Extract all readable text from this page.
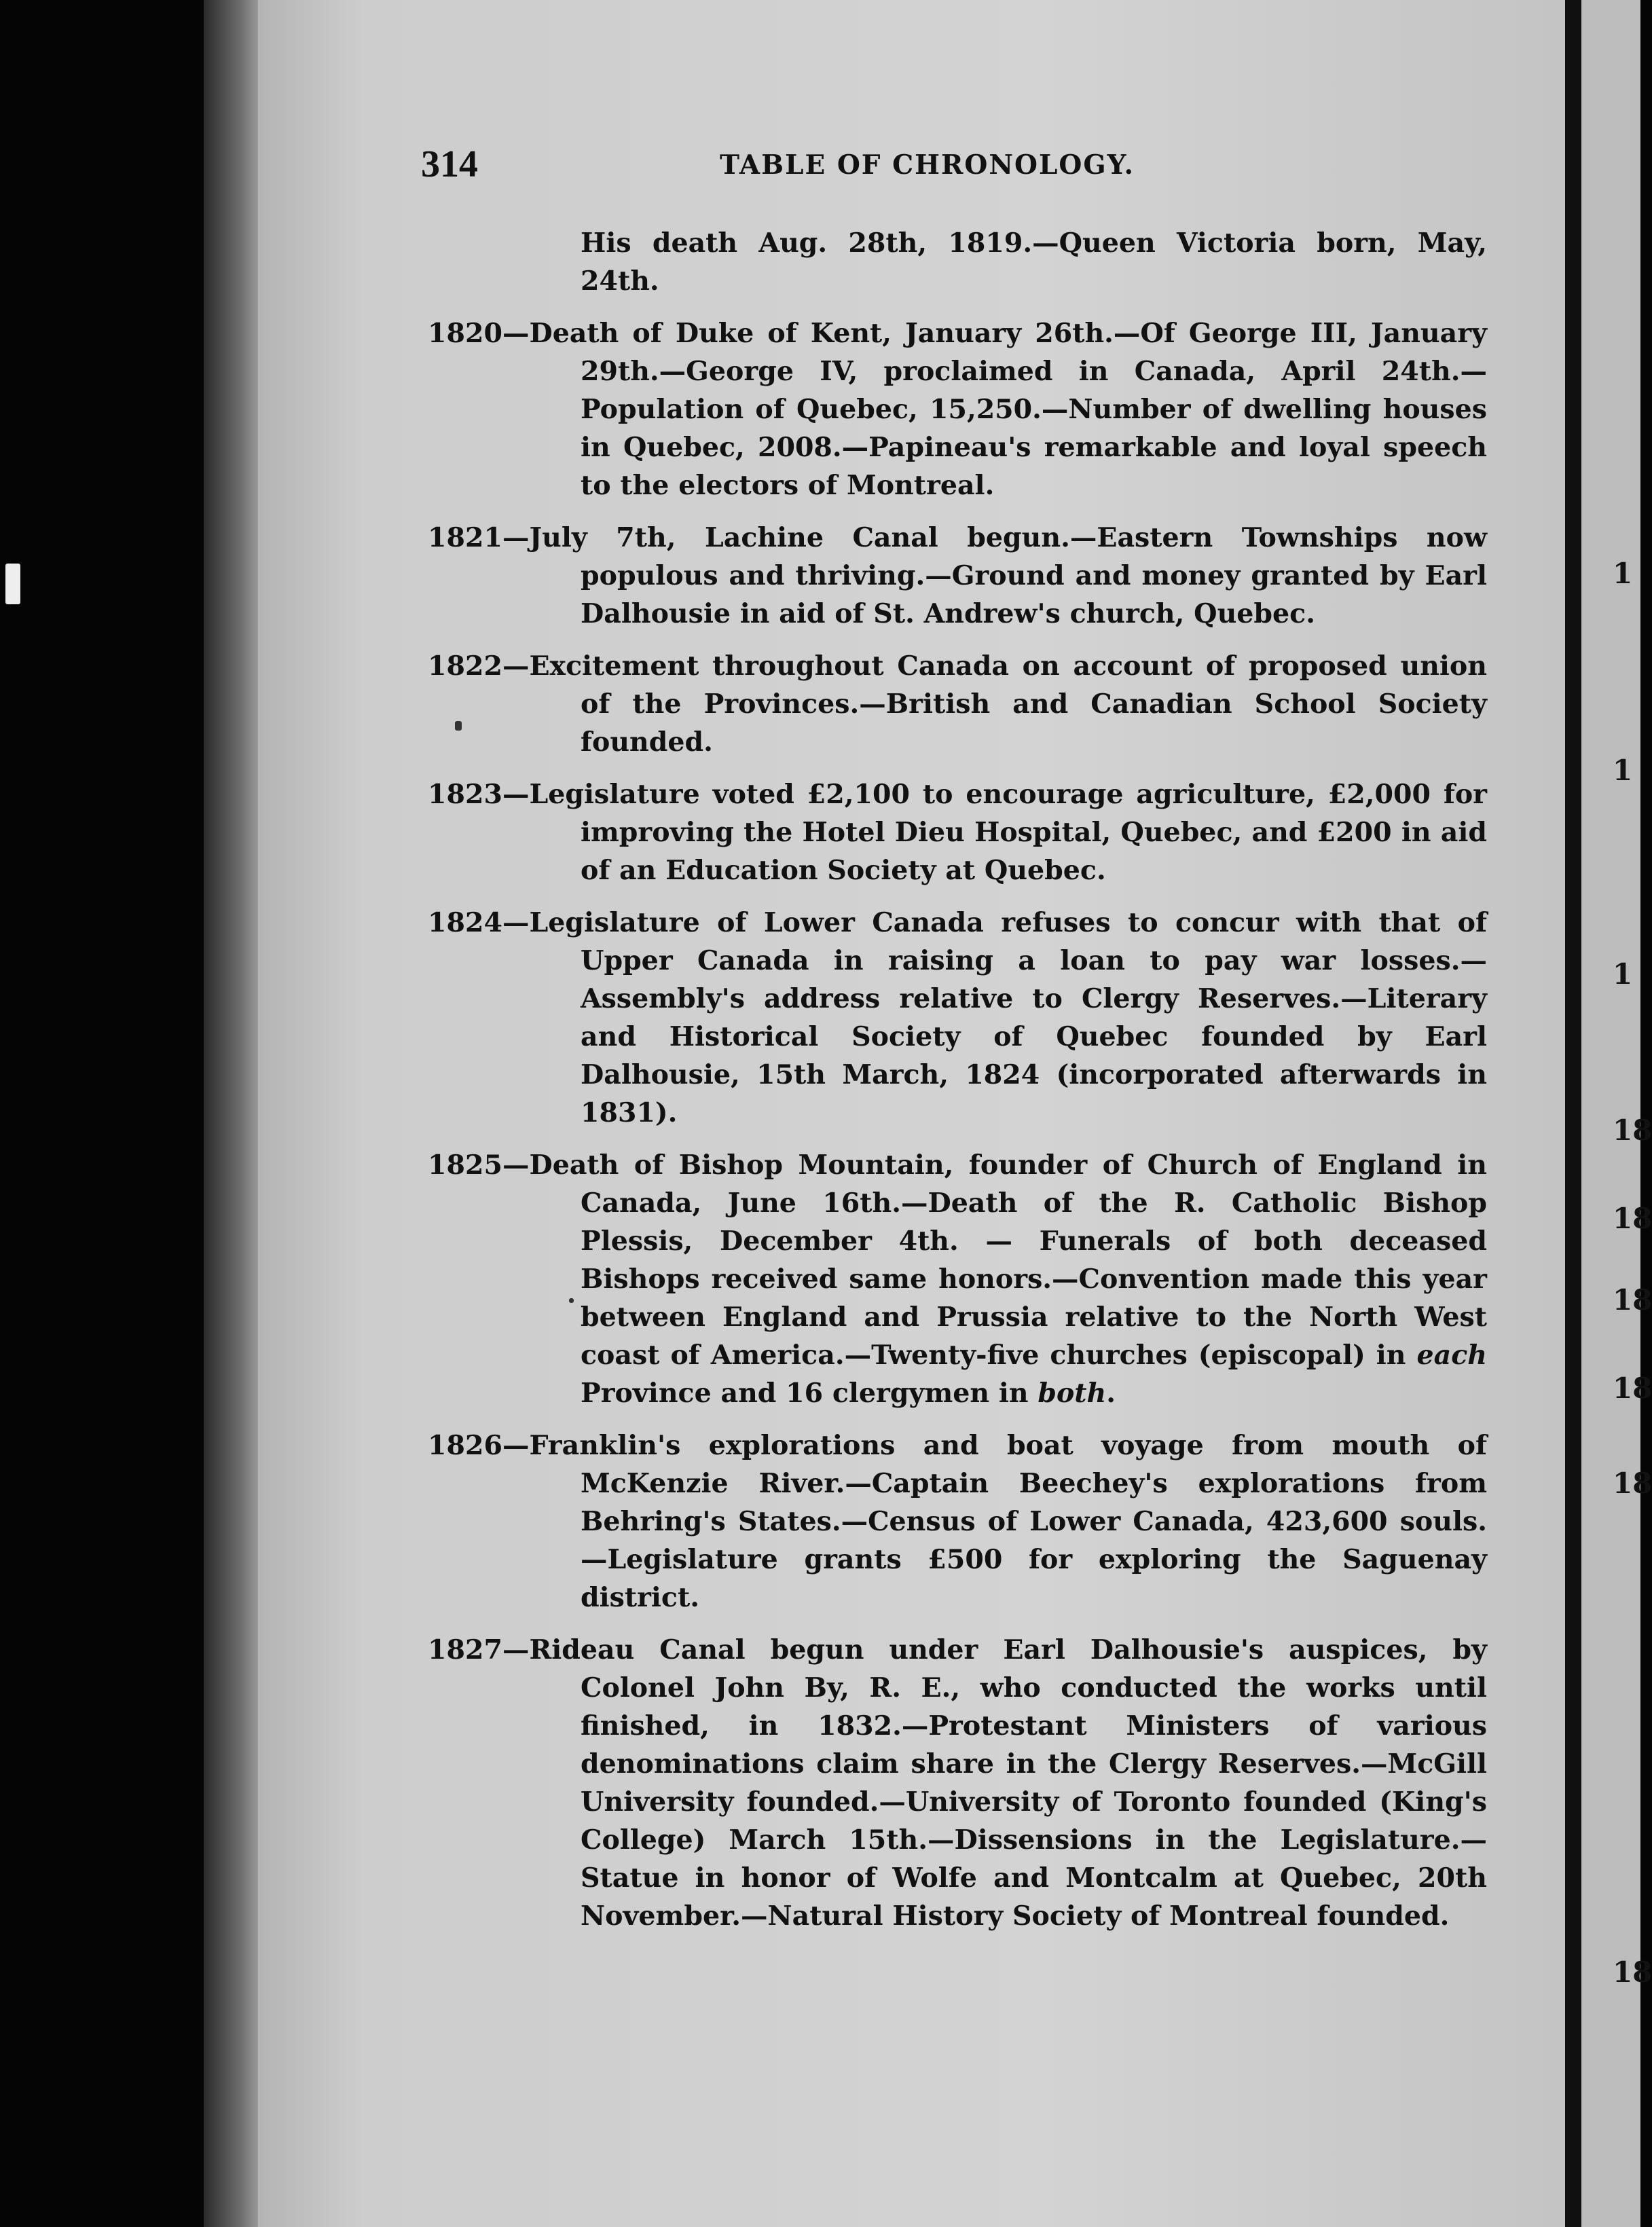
1
1
1
18
18
18
18
18
18
314	TABLE OF CHRONOLOGY.
His death Aug. 28th, 1819.—Queen Victoria born, May, 24th.
1820—Death of Duke of Kent, January 26th.—Of George III, January 29th.—George IV, proclaimed in Canada, April 24th.—Population of Quebec, 15,250.—Number of dwelling houses in Quebec, 2008.—Papineau's remarkable and loyal speech to the electors of Montreal.
1821—July 7th, Lachine Canal begun.—Eastern Townships now populous and thriving.—Ground and money granted by Earl Dalhousie in aid of St. Andrew's church, Quebec.
1822—Excitement throughout Canada on account of proposed union of the Provinces.—British and Canadian School Society founded.
1823—Legislature voted £2,100 to encourage agriculture, £2,000 for improving the Hotel Dieu Hospital, Quebec, and £200 in aid of an Education Society at Quebec.
1824—Legislature of Lower Canada refuses to concur with that of Upper Canada in raising a loan to pay war losses.—Assembly's address relative to Clergy Reserves.—Literary and Historical Society of Quebec founded by Earl Dalhousie, 15th March, 1824 (incorporated afterwards in 1831).
1825—Death of Bishop Mountain, founder of Church of England in Canada, June 16th.—Death of the R. Catholic Bishop Plessis, December 4th. — Funerals of both deceased Bishops received same honors.—Convention made this year between England and Prussia relative to the North West coast of America.—Twenty-five churches (episcopal) in each Province and 16 clergymen in both.
1826—Franklin's explorations and boat voyage from mouth of McKenzie River.—Captain Beechey's explorations from Behring's States.—Census of Lower Canada, 423,600 souls.—Legislature grants £500 for exploring the Saguenay district.
1827—Rideau Canal begun under Earl Dalhousie's auspices, by Colonel John By, R. E., who conducted the works until finished, in 1832.—Protestant Ministers of various denominations claim share in the Clergy Reserves.—McGill University founded.—University of Toronto founded (King's College) March 15th.—Dissensions in the Legislature.—Statue in honor of Wolfe and Montcalm at Quebec, 20th November.—Natural History Society of Montreal founded.
